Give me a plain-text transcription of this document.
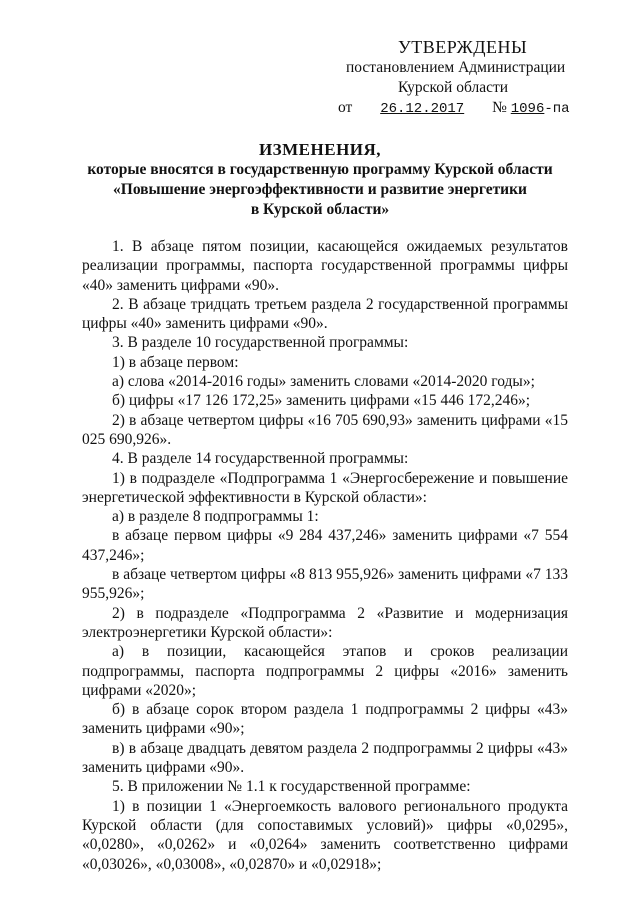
УТВЕРЖДЕНЫ
постановлением Администрации
Курской области
от 26.12.2017 № 1096-па
ИЗМЕНЕНИЯ,
которые вносятся в государственную программу Курской области
«Повышение энергоэффективности и развитие энергетики
в Курской области»

1. В абзаце пятом позиции, касающейся ожидаемых результатов реализации программы, паспорта государственной программы цифры «40» заменить цифрами «90».

2. В абзаце тридцать третьем раздела 2 государственной программы цифры «40» заменить цифрами «90».

3. В разделе 10 государственной программы:

1) в абзаце первом:

а) слова «2014-2016 годы» заменить словами «2014-2020 годы»;

б) цифры «17 126 172,25» заменить цифрами «15 446 172,246»;

2) в абзаце четвертом цифры «16 705 690,93» заменить цифрами «15 025 690,926».

4. В разделе 14 государственной программы:

1) в подразделе «Подпрограмма 1 «Энергосбережение и повышение энергетической эффективности в Курской области»:

а) в разделе 8 подпрограммы 1:

в абзаце первом цифры «9 284 437,246» заменить цифрами «7 554 437,246»;

в абзаце четвертом цифры «8 813 955,926» заменить цифрами «7 133 955,926»;

2) в подразделе «Подпрограмма 2 «Развитие и модернизация электроэнергетики Курской области»:

а) в позиции, касающейся этапов и сроков реализации подпрограммы, паспорта подпрограммы 2 цифры «2016» заменить цифрами «2020»;

б) в абзаце сорок втором раздела 1 подпрограммы 2 цифры «43» заменить цифрами «90»;

в) в абзаце двадцать девятом раздела 2 подпрограммы 2 цифры «43» заменить цифрами «90».

5. В приложении № 1.1 к государственной программе:

1) в позиции 1 «Энергоемкость валового регионального продукта Курской области (для сопоставимых условий)» цифры «0,0295», «0,0280», «0,0262» и «0,0264» заменить соответственно цифрами «0,03026», «0,03008», «0,02870» и «0,02918»;
